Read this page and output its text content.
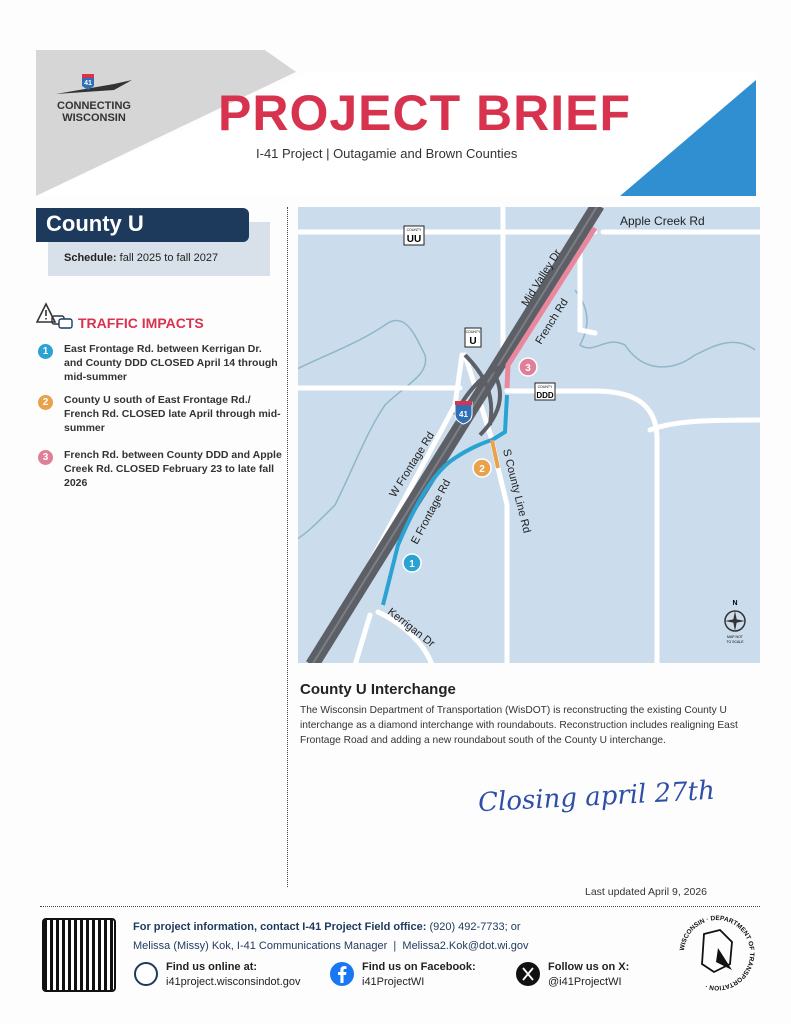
41
CONNECTING WISCONSIN	PROJECT BRIEF
I-41 Project | Outagamie and Brown Counties
County U
Schedule: fall 2025 to fall 2027
TRAFFIC IMPACTS
1	East Frontage Rd. between Kerrigan Dr. and County DDD CLOSED April 14 through mid-summer
2	County U south of East Frontage Rd./ French Rd. CLOSED late April through mid-summer
3	French Rd. between County DDD and Apple Creek Rd. CLOSED February 23 to late fall 2026
Apple Creek Rd
Mid Valley Dr
French Rd
W Frontage Rd
E Frontage Rd	S County Line Rd
Kerrigan Dr
COUNTY
UU
COUNTY
U
COUNTY
DDD
41
1
2
3
N
MAP NOT
TO SCALE
County U Interchange
The Wisconsin Department of Transportation (WisDOT) is reconstructing the existing County U interchange as a diamond interchange with roundabouts. Reconstruction includes realigning East Frontage Road and adding a new roundabout south of the County U interchange.
Closing april 27th
Last updated April 9, 2026
For project information, contact I-41 Project Field office: (920) 492-7733; or
Melissa (Missy) Kok, I-41 Communications Manager  |  Melissa2.Kok@dot.wi.gov
Find us online at:
i41project.wisconsindot.gov
Find us on Facebook:
i41ProjectWI
Follow us on X:
@i41ProjectWI
WISCONSIN · DEPARTMENT OF TRANSPORTATION ·
